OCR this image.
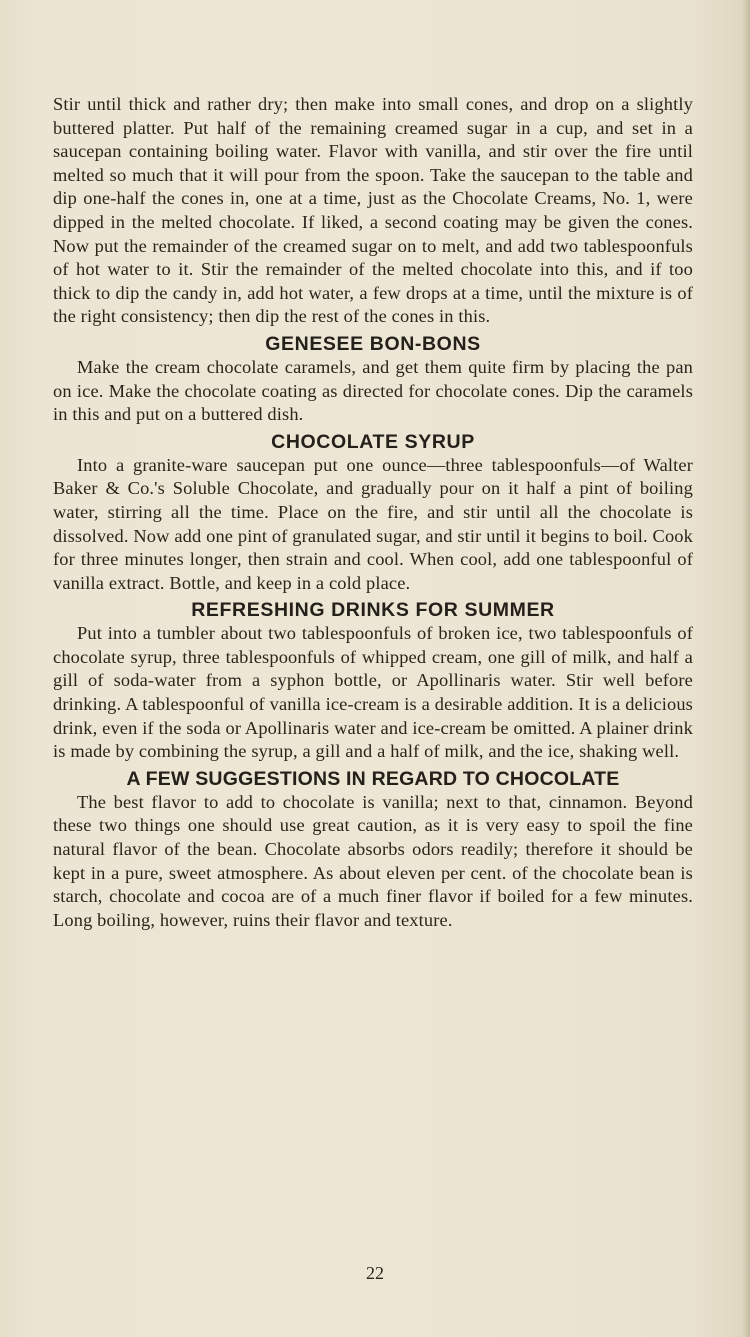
Stir until thick and rather dry; then make into small cones, and drop on a slightly buttered platter. Put half of the remaining creamed sugar in a cup, and set in a saucepan containing boiling water. Flavor with vanilla, and stir over the fire until melted so much that it will pour from the spoon. Take the saucepan to the table and dip one-half the cones in, one at a time, just as the Chocolate Creams, No. 1, were dipped in the melted chocolate. If liked, a second coating may be given the cones. Now put the remainder of the creamed sugar on to melt, and add two tablespoonfuls of hot water to it. Stir the remainder of the melted chocolate into this, and if too thick to dip the candy in, add hot water, a few drops at a time, until the mixture is of the right consistency; then dip the rest of the cones in this.

GENESEE BON-BONS

Make the cream chocolate caramels, and get them quite firm by placing the pan on ice. Make the chocolate coating as directed for chocolate cones. Dip the caramels in this and put on a buttered dish.

CHOCOLATE SYRUP

Into a granite-ware saucepan put one ounce—three tablespoonfuls—of Walter Baker & Co.'s Soluble Chocolate, and gradually pour on it half a pint of boiling water, stirring all the time. Place on the fire, and stir until all the chocolate is dissolved. Now add one pint of granulated sugar, and stir until it begins to boil. Cook for three minutes longer, then strain and cool. When cool, add one tablespoonful of vanilla extract. Bottle, and keep in a cold place.

REFRESHING DRINKS FOR SUMMER

Put into a tumbler about two tablespoonfuls of broken ice, two tablespoonfuls of chocolate syrup, three tablespoonfuls of whipped cream, one gill of milk, and half a gill of soda-water from a syphon bottle, or Apollinaris water. Stir well before drinking. A tablespoonful of vanilla ice-cream is a desirable addition. It is a delicious drink, even if the soda or Apollinaris water and ice-cream be omitted. A plainer drink is made by combining the syrup, a gill and a half of milk, and the ice, shaking well.

A FEW SUGGESTIONS IN REGARD TO CHOCOLATE

The best flavor to add to chocolate is vanilla; next to that, cinnamon. Beyond these two things one should use great caution, as it is very easy to spoil the fine natural flavor of the bean. Chocolate absorbs odors readily; therefore it should be kept in a pure, sweet atmosphere. As about eleven per cent. of the chocolate bean is starch, chocolate and cocoa are of a much finer flavor if boiled for a few minutes. Long boiling, however, ruins their flavor and texture.

22
